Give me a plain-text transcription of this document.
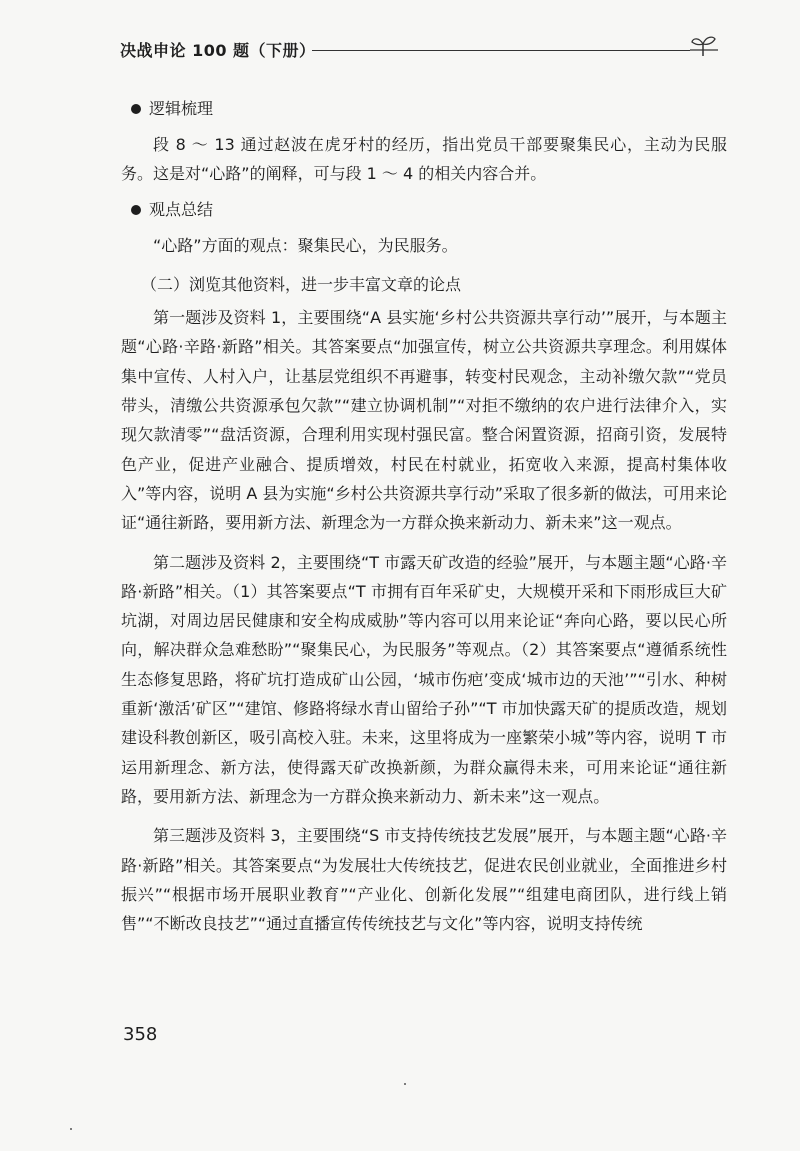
决战申论 100 题（下册）
逻辑梳理

段 8 ～ 13 通过赵波在虎牙村的经历，指出党员干部要聚集民心，主动为民服务。这是对“心路”的阐释，可与段 1 ～ 4 的相关内容合并。

观点总结

“心路”方面的观点：聚集民心，为民服务。

（二）浏览其他资料，进一步丰富文章的论点

第一题涉及资料 1，主要围绕“A 县实施‘乡村公共资源共享行动’”展开，与本题主题“心路·辛路·新路”相关。其答案要点“加强宣传，树立公共资源共享理念。利用媒体集中宣传、人村入户，让基层党组织不再避事，转变村民观念，主动补缴欠款”“党员带头，清缴公共资源承包欠款”“建立协调机制”“对拒不缴纳的农户进行法律介入，实现欠款清零”“盘活资源，合理利用实现村强民富。整合闲置资源，招商引资，发展特色产业，促进产业融合、提质增效，村民在村就业，拓宽收入来源，提高村集体收入”等内容，说明 A 县为实施“乡村公共资源共享行动”采取了很多新的做法，可用来论证“通往新路，要用新方法、新理念为一方群众换来新动力、新未来”这一观点。

第二题涉及资料 2，主要围绕“T 市露天矿改造的经验”展开，与本题主题“心路·辛路·新路”相关。（1）其答案要点“T 市拥有百年采矿史，大规模开采和下雨形成巨大矿坑湖，对周边居民健康和安全构成威胁”等内容可以用来论证“奔向心路，要以民心所向，解决群众急难愁盼”“聚集民心，为民服务”等观点。（2）其答案要点“遵循系统性生态修复思路，将矿坑打造成矿山公园，‘城市伤疤’变成‘城市边的天池’”“引水、种树重新‘激活’矿区”“建馆、修路将绿水青山留给子孙”“T 市加快露天矿的提质改造，规划建设科教创新区，吸引高校入驻。未来，这里将成为一座繁荣小城”等内容，说明 T 市运用新理念、新方法，使得露天矿改换新颜，为群众赢得未来，可用来论证“通往新路，要用新方法、新理念为一方群众换来新动力、新未来”这一观点。

第三题涉及资料 3，主要围绕“S 市支持传统技艺发展”展开，与本题主题“心路·辛路·新路”相关。其答案要点“为发展壮大传统技艺，促进农民创业就业，全面推进乡村振兴”“根据市场开展职业教育”“产业化、创新化发展”“组建电商团队，进行线上销售”“不断改良技艺”“通过直播宣传传统技艺与文化”等内容，说明支持传统

358
